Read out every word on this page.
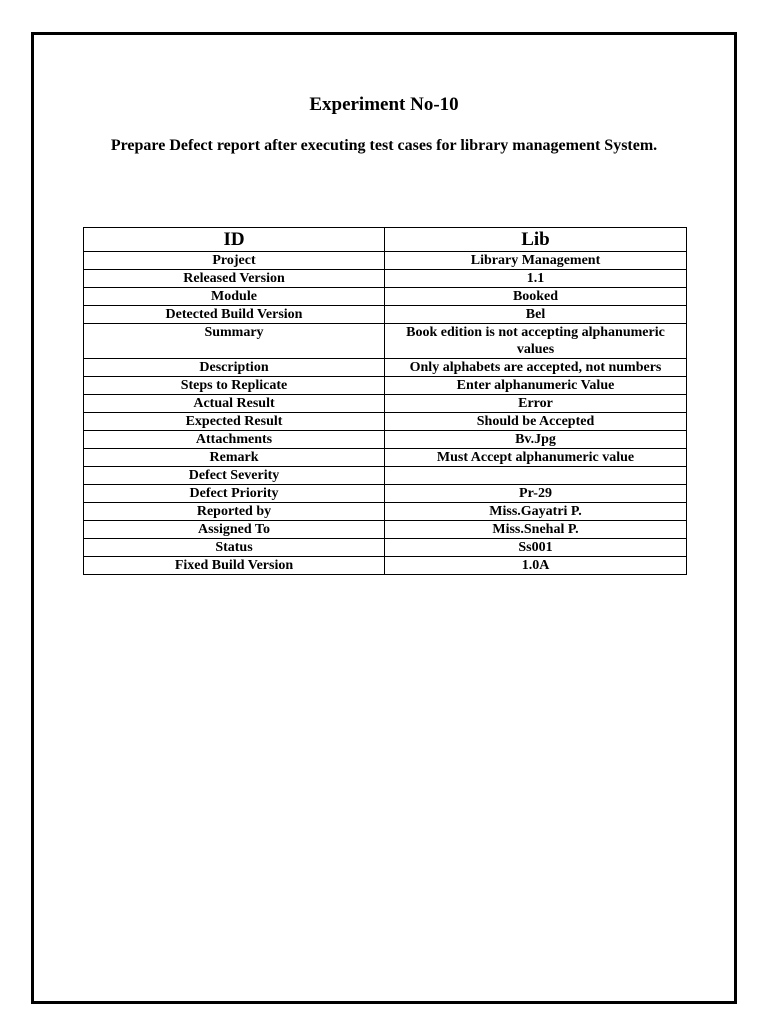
Experiment No-10
Prepare Defect report after executing test cases for library management System.
ID	Lib
Project	Library Management
Released Version	1.1
Module	Booked
Detected Build Version	Bel
Summary	Book edition is not accepting alphanumeric values
Description	Only alphabets are accepted, not numbers
Steps to Replicate	Enter alphanumeric Value
Actual Result	Error
Expected Result	Should be Accepted
Attachments	Bv.Jpg
Remark	Must Accept alphanumeric value
Defect Severity	
Defect Priority	Pr-29
Reported by	Miss.Gayatri P.
Assigned To	Miss.Snehal P.
Status	Ss001
Fixed Build Version	1.0A
